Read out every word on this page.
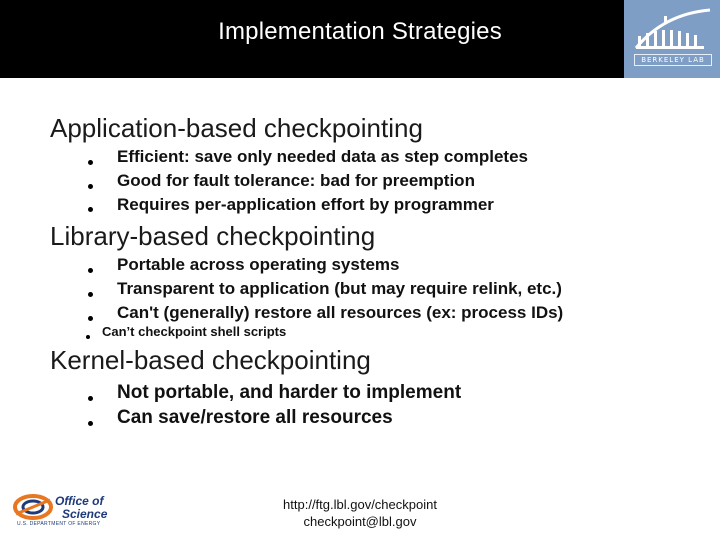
Implementation Strategies
BERKELEY LAB
Application-based checkpointing
Efficient: save only needed data as step completes
Good for fault tolerance: bad for preemption
Requires per-application effort by programmer
Library-based checkpointing
Portable across operating systems
Transparent to application (but may require relink, etc.)
Can't (generally) restore all resources (ex: process IDs)
Can’t checkpoint shell scripts
Kernel-based checkpointing
Not portable, and harder to implement
Can save/restore all resources
Office of
Science
U.S. DEPARTMENT OF ENERGY
http://ftg.lbl.gov/checkpoint
checkpoint@lbl.gov
